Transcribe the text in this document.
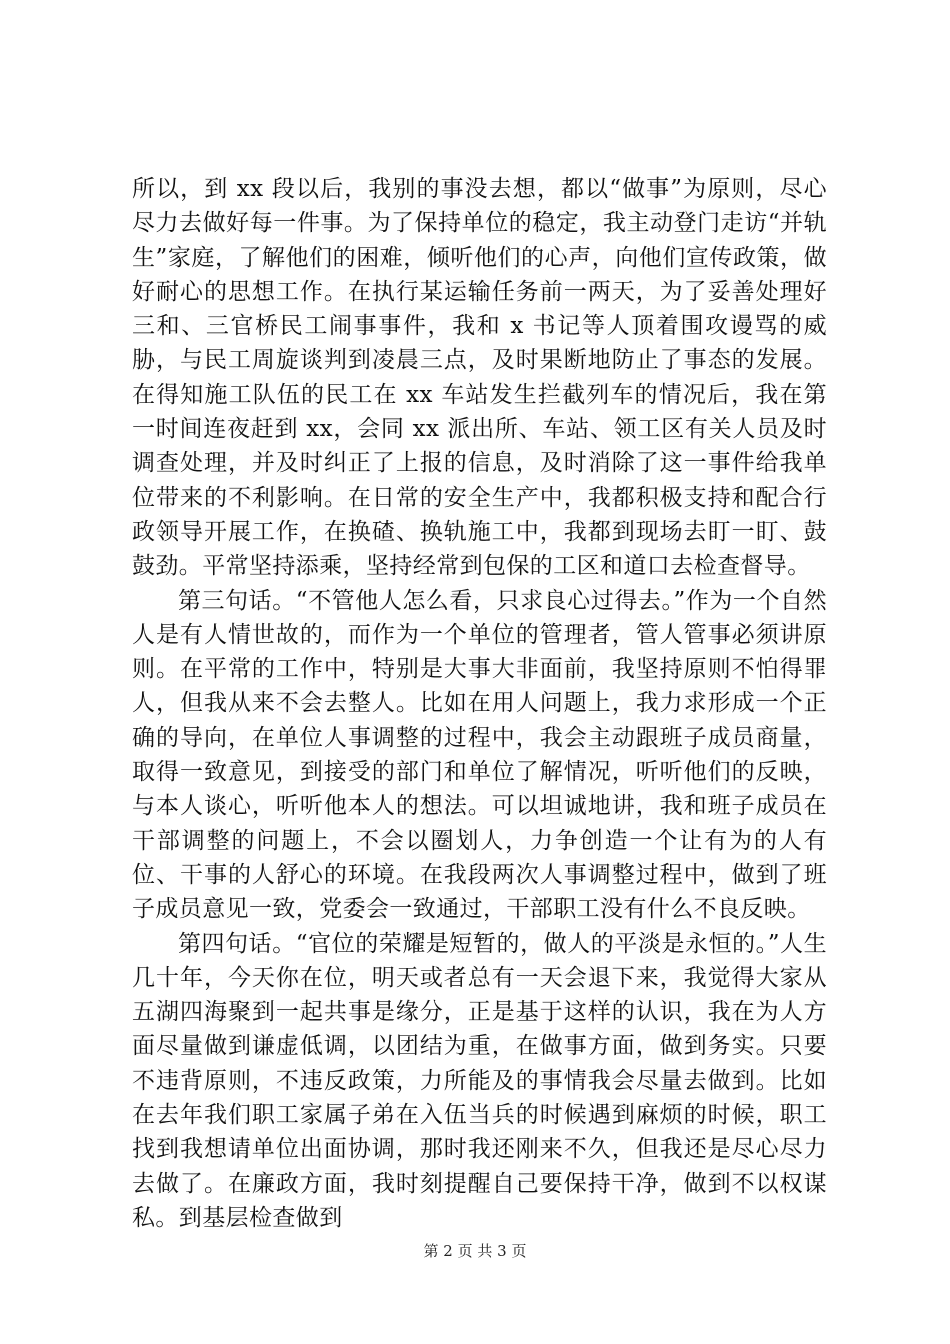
所以，到 xx 段以后，我别的事没去想，都以“做事”为原则，尽心尽力去做好每一件事。为了保持单位的稳定，我主动登门走访“并轨生”家庭，了解他们的困难，倾听他们的心声，向他们宣传政策，做好耐心的思想工作。在执行某运输任务前一两天，为了妥善处理好三和、三官桥民工闹事事件，我和 x 书记等人顶着围攻谩骂的威胁，与民工周旋谈判到凌晨三点，及时果断地防止了事态的发展。在得知施工队伍的民工在 xx 车站发生拦截列车的情况后，我在第一时间连夜赶到 xx，会同 xx 派出所、车站、领工区有关人员及时调查处理，并及时纠正了上报的信息，及时消除了这一事件给我单位带来的不利影响。在日常的安全生产中，我都积极支持和配合行政领导开展工作，在换碴、换轨施工中，我都到现场去盯一盯、鼓鼓劲。平常坚持添乘，坚持经常到包保的工区和道口去检查督导。

第三句话。“不管他人怎么看，只求良心过得去。”作为一个自然人是有人情世故的，而作为一个单位的管理者，管人管事必须讲原则。在平常的工作中，特别是大事大非面前，我坚持原则不怕得罪人，但我从来不会去整人。比如在用人问题上，我力求形成一个正确的导向，在单位人事调整的过程中，我会主动跟班子成员商量，取得一致意见，到接受的部门和单位了解情况，听听他们的反映，与本人谈心，听听他本人的想法。可以坦诚地讲，我和班子成员在干部调整的问题上，不会以圈划人，力争创造一个让有为的人有位、干事的人舒心的环境。在我段两次人事调整过程中，做到了班子成员意见一致，党委会一致通过，干部职工没有什么不良反映。

第四句话。“官位的荣耀是短暂的，做人的平淡是永恒的。”人生几十年，今天你在位，明天或者总有一天会退下来，我觉得大家从五湖四海聚到一起共事是缘分，正是基于这样的认识，我在为人方面尽量做到谦虚低调，以团结为重，在做事方面，做到务实。只要不违背原则，不违反政策，力所能及的事情我会尽量去做到。比如在去年我们职工家属子弟在入伍当兵的时候遇到麻烦的时候，职工找到我想请单位出面协调，那时我还刚来不久，但我还是尽心尽力去做了。在廉政方面，我时刻提醒自己要保持干净，做到不以权谋私。到基层检查做到

第 2 页 共 3 页
